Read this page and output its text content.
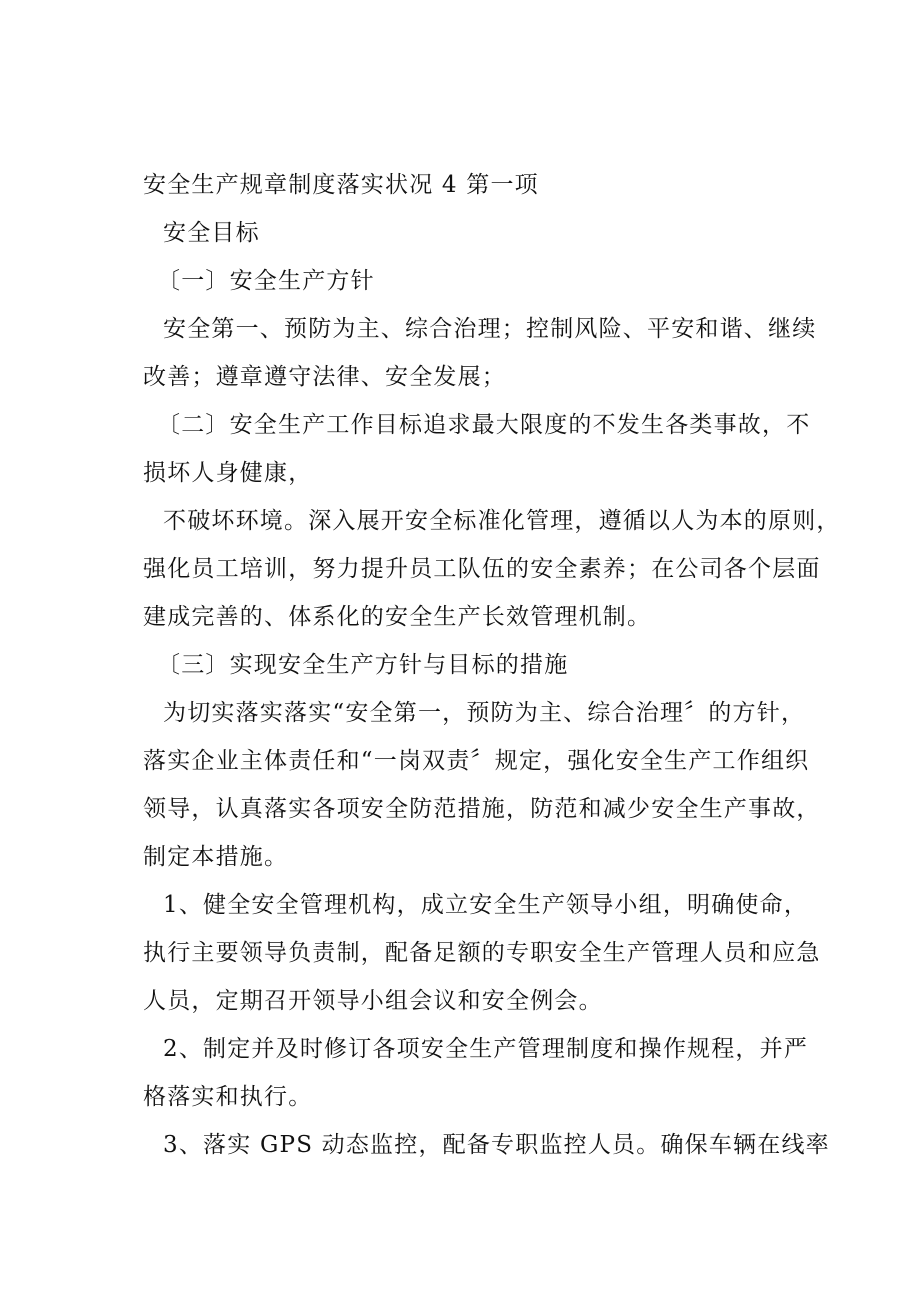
安全生产规章制度落实状况 4 第一项
安全目标
〔一〕安全生产方针
安全第一、预防为主、综合治理；控制风险、平安和谐、继续
改善；遵章遵守法律、安全发展；
〔二〕安全生产工作目标追求最大限度的不发生各类事故，不
损坏人身健康，
不破坏环境。深入展开安全标准化管理，遵循以人为本的原则，
强化员工培训，努力提升员工队伍的安全素养；在公司各个层面
建成完善的、体系化的安全生产长效管理机制。
〔三〕实现安全生产方针与目标的措施
为切实落实落实“安全第一，预防为主、综合治理〞的方针，
落实企业主体责任和“一岗双责〞规定，强化安全生产工作组织
领导，认真落实各项安全防范措施，防范和减少安全生产事故，
制定本措施。
1、健全安全管理机构，成立安全生产领导小组，明确使命，
执行主要领导负责制，配备足额的专职安全生产管理人员和应急
人员，定期召开领导小组会议和安全例会。
2、制定并及时修订各项安全生产管理制度和操作规程，并严
格落实和执行。
3、落实 GPS 动态监控，配备专职监控人员。确保车辆在线率
